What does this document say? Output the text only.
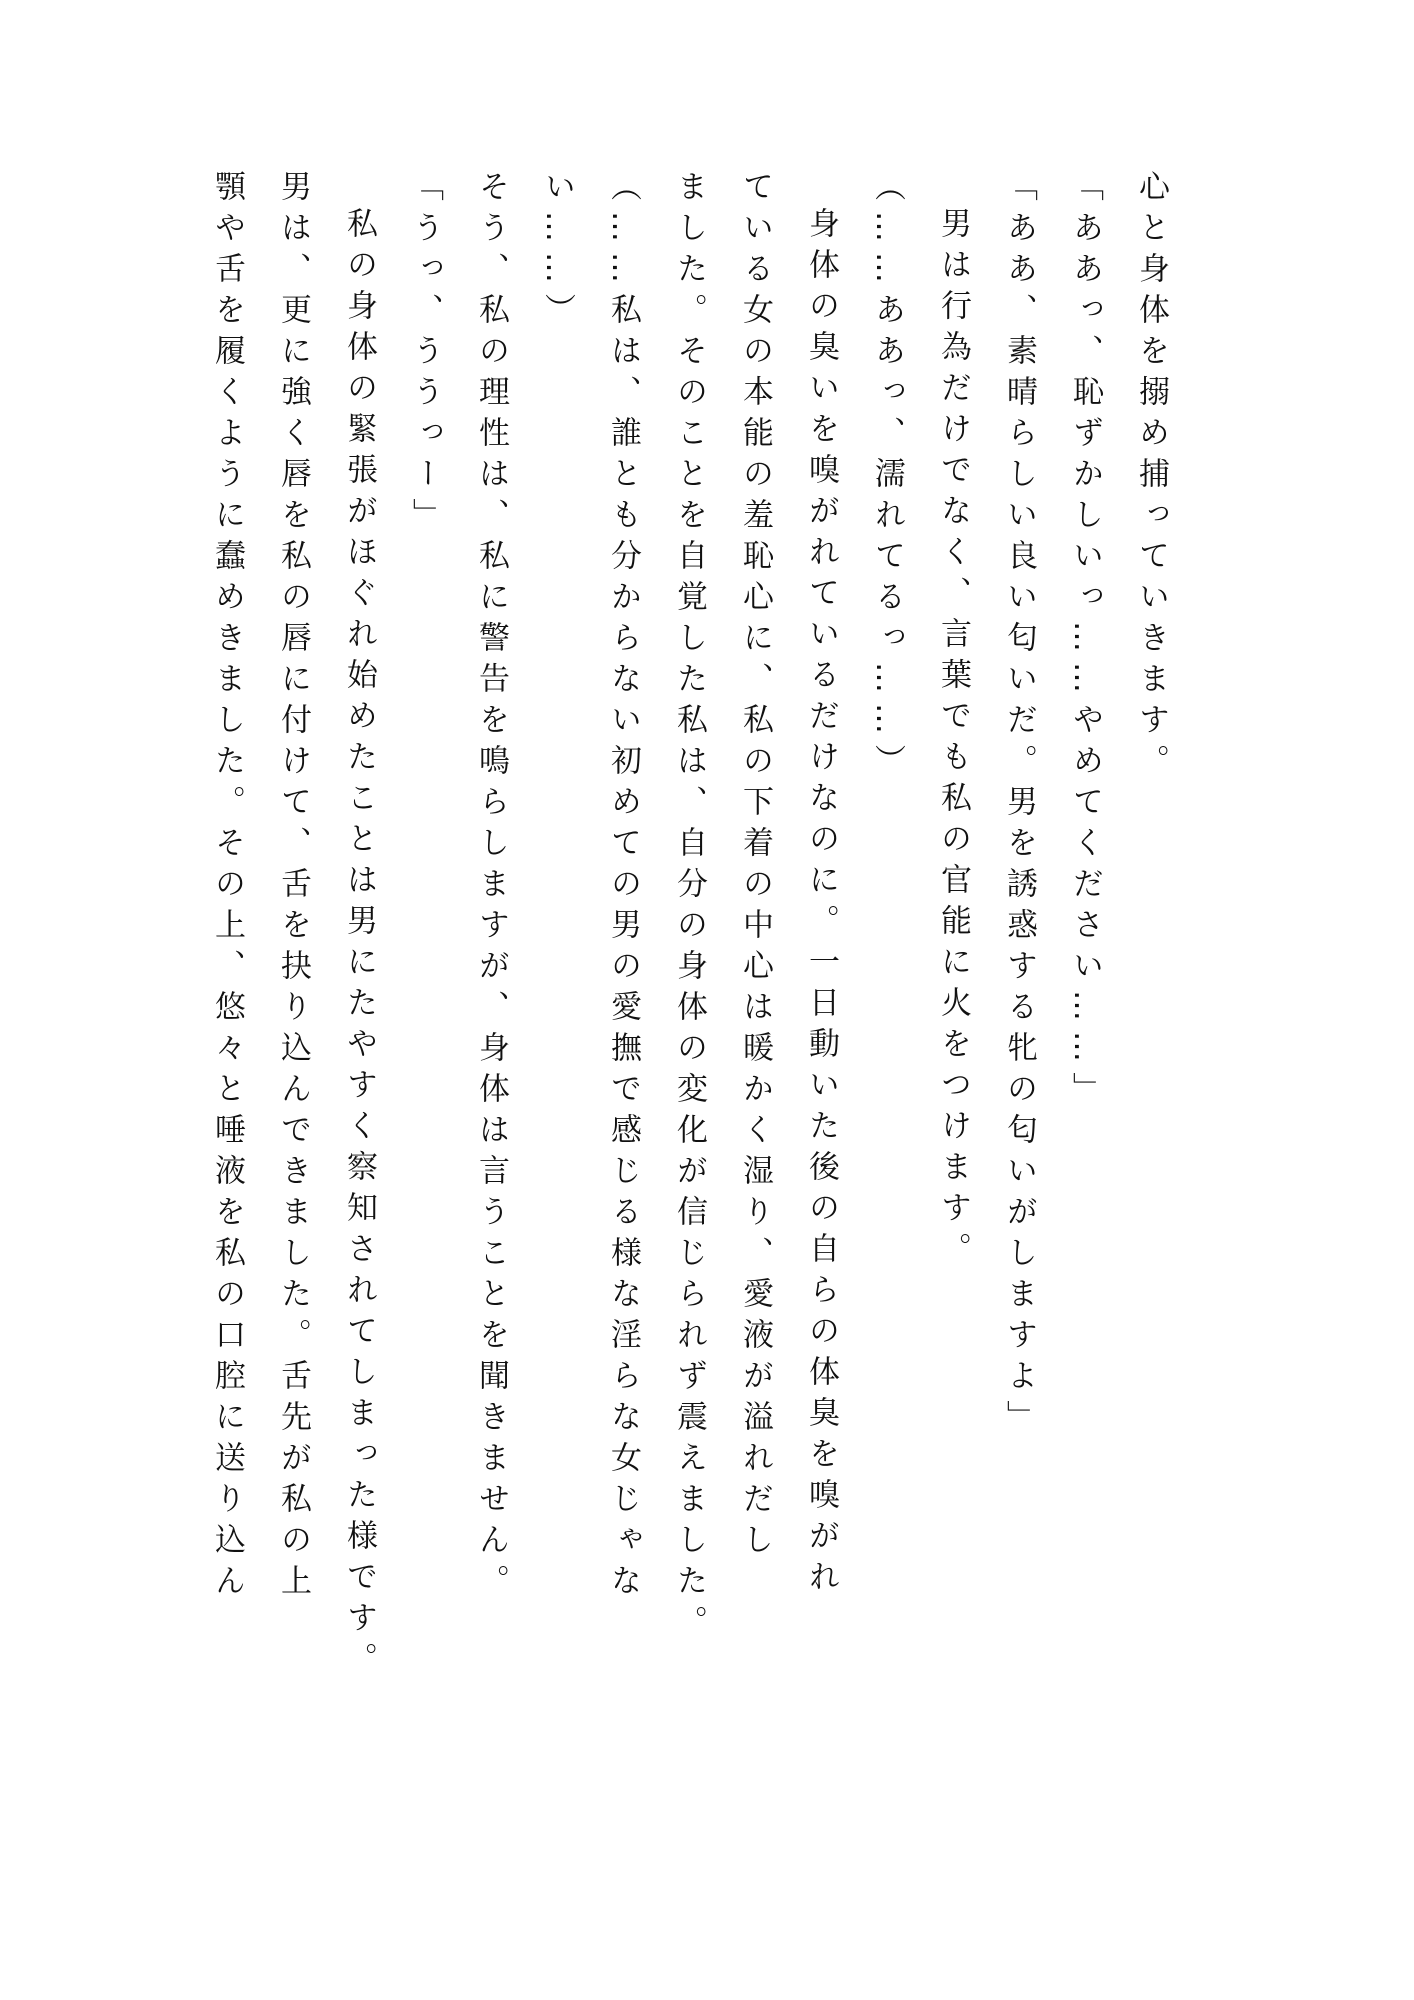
心と身体を搦め捕っていきます。
「ああっ、恥ずかしいっ……やめてください……」
「ああ、素晴らしい良い匂いだ。男を誘惑する牝の匂いがしますよ」
男は行為だけでなく、言葉でも私の官能に火をつけます。
（……ああっ、濡れてるっ……）
身体の臭いを嗅がれているだけなのに。一日動いた後の自らの体臭を嗅がれ
ている女の本能の羞恥心に、私の下着の中心は暖かく湿り、愛液が溢れだし
ました。そのことを自覚した私は、自分の身体の変化が信じられず震えました。
（……私は、誰とも分からない初めての男の愛撫で感じる様な淫らな女じゃな
い……）
そう、私の理性は、私に警告を鳴らしますが、身体は言うことを聞きません。
「うっ、ううっー」
私の身体の緊張がほぐれ始めたことは男にたやすく察知されてしまった様です。
男は、更に強く唇を私の唇に付けて、舌を抉り込んできました。舌先が私の上
顎や舌を履くように蠢めきました。その上、悠々と唾液を私の口腔に送り込ん
